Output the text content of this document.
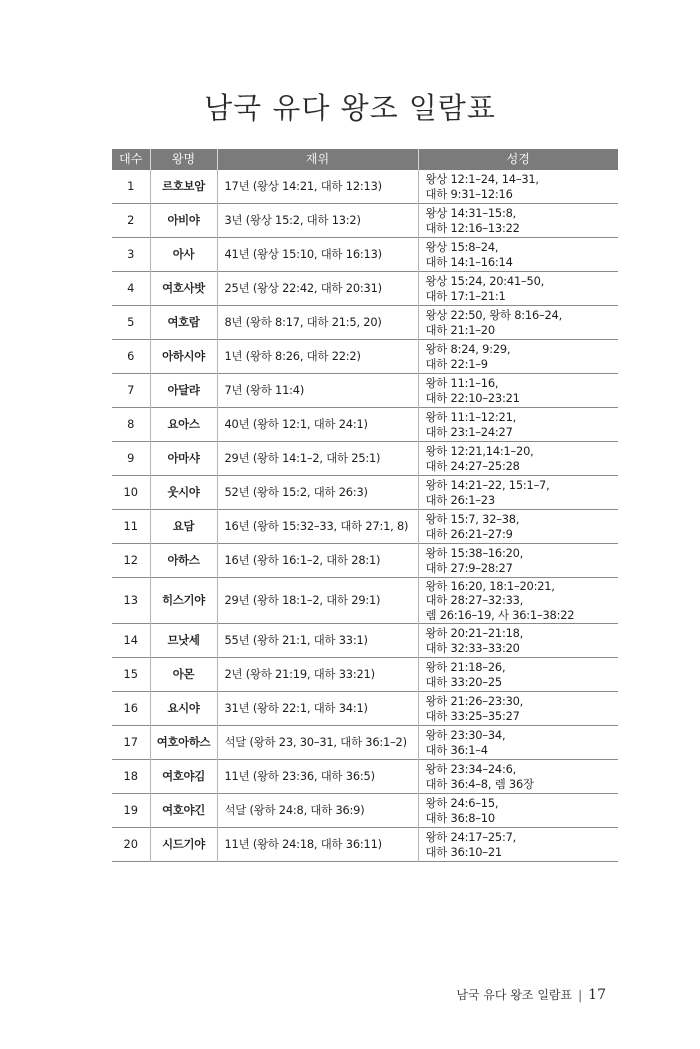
남국 유다 왕조 일람표
대수	왕명	재위	성경
1	르호보암	17년 (왕상 14:21, 대하 12:13)	왕상 12:1–24, 14–31,
대하 9:31–12:16

2	아비야	3년 (왕상 15:2, 대하 13:2)	왕상 14:31–15:8,
대하 12:16–13:22

3	아사	41년 (왕상 15:10, 대하 16:13)	왕상 15:8–24,
대하 14:1–16:14

4	여호사밧	25년 (왕상 22:42, 대하 20:31)	왕상 15:24, 20:41–50,
대하 17:1–21:1

5	여호람	8년 (왕하 8:17, 대하 21:5, 20)	왕상 22:50, 왕하 8:16–24,
대하 21:1–20

6	아하시야	1년 (왕하 8:26, 대하 22:2)	왕하 8:24, 9:29,
대하 22:1–9

7	아달랴	7년 (왕하 11:4)	왕하 11:1–16,
대하 22:10–23:21

8	요아스	40년 (왕하 12:1, 대하 24:1)	왕하 11:1–12:21,
대하 23:1–24:27

9	아마샤	29년 (왕하 14:1–2, 대하 25:1)	왕하 12:21,14:1–20,
대하 24:27–25:28

10	웃시야	52년 (왕하 15:2, 대하 26:3)	왕하 14:21–22, 15:1–7,
대하 26:1–23

11	요담	16년 (왕하 15:32–33, 대하 27:1, 8)	왕하 15:7, 32–38,
대하 26:21–27:9

12	아하스	16년 (왕하 16:1–2, 대하 28:1)	왕하 15:38–16:20,
대하 27:9–28:27

13	히스기야	29년 (왕하 18:1–2, 대하 29:1)	왕하 16:20, 18:1–20:21,
대하 28:27–32:33,
렘 26:16–19, 사 36:1–38:22

14	므낫세	55년 (왕하 21:1, 대하 33:1)	왕하 20:21–21:18,
대하 32:33–33:20

15	아몬	2년 (왕하 21:19, 대하 33:21)	왕하 21:18–26,
대하 33:20–25

16	요시야	31년 (왕하 22:1, 대하 34:1)	왕하 21:26–23:30,
대하 33:25–35:27

17	여호아하스	석달 (왕하 23, 30–31, 대하 36:1–2)	왕하 23:30–34,
대하 36:1–4

18	여호야김	11년 (왕하 23:36, 대하 36:5)	왕하 23:34–24:6,
대하 36:4–8, 렘 36장

19	여호야긴	석달 (왕하 24:8, 대하 36:9)	왕하 24:6–15,
대하 36:8–10

20	시드기야	11년 (왕하 24:18, 대하 36:11)	왕하 24:17–25:7,
대하 36:10–21
남국 유다 왕조 일람표 | 17
